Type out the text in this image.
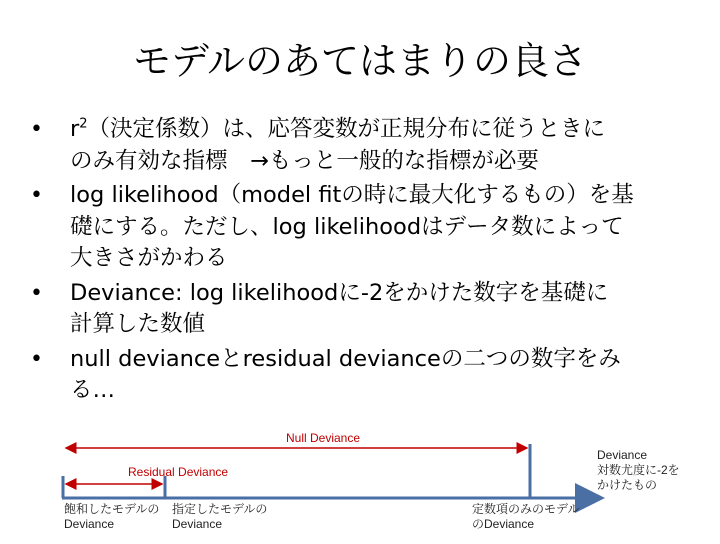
モデルのあてはまりの良さ
• $r^2$（決定係数）は、応答変数が正規分布に従うときに
のみ有効な指標　→もっと一般的な指標が必要
• log likelihood（model fitの時に最大化するもの）を基
礎にする。ただし、log likelihoodはデータ数によって
大きさがかわる
• Deviance: log likelihoodに-2をかけた数字を基礎に
計算した数値
• null devianceとresidual devianceの二つの数字をみ
る…
Null Deviance
Residual Deviance
飽和したモデルの
Deviance
指定したモデルの
Deviance
定数項のみのモデル
のDeviance
Deviance
対数尤度に-2を
かけたもの
